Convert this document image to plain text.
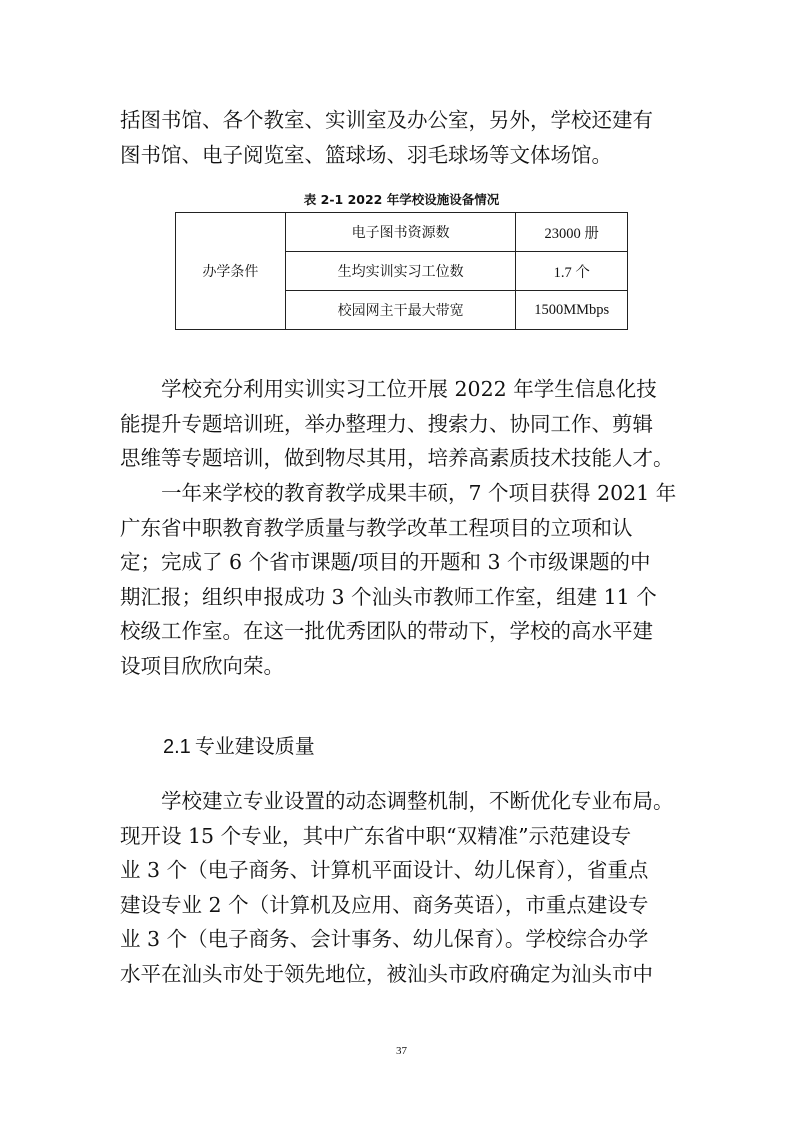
括图书馆、各个教室、实训室及办公室，另外，学校还建有
图书馆、电子阅览室、篮球场、羽毛球场等文体场馆。
表 2-1 2022 年学校设施设备情况
办学条件	电子图书资源数	23000 册
	生均实训实习工位数	1.7 个
	校园网主干最大带宽	1500MMbps
学校充分利用实训实习工位开展 2022 年学生信息化技
能提升专题培训班，举办整理力、搜索力、协同工作、剪辑
思维等专题培训，做到物尽其用，培养高素质技术技能人才。
一年来学校的教育教学成果丰硕，7 个项目获得 2021 年
广东省中职教育教学质量与教学改革工程项目的立项和认
定；完成了 6 个省市课题/项目的开题和 3 个市级课题的中
期汇报；组织申报成功 3 个汕头市教师工作室，组建 11 个
校级工作室。在这一批优秀团队的带动下，学校的高水平建
设项目欣欣向荣。
2.1 专业建设质量
学校建立专业设置的动态调整机制，不断优化专业布局。
现开设 15 个专业，其中广东省中职“双精准”示范建设专
业 3 个（电子商务、计算机平面设计、幼儿保育），省重点
建设专业 2 个（计算机及应用、商务英语），市重点建设专
业 3 个（电子商务、会计事务、幼儿保育）。学校综合办学
水平在汕头市处于领先地位，被汕头市政府确定为汕头市中
37
